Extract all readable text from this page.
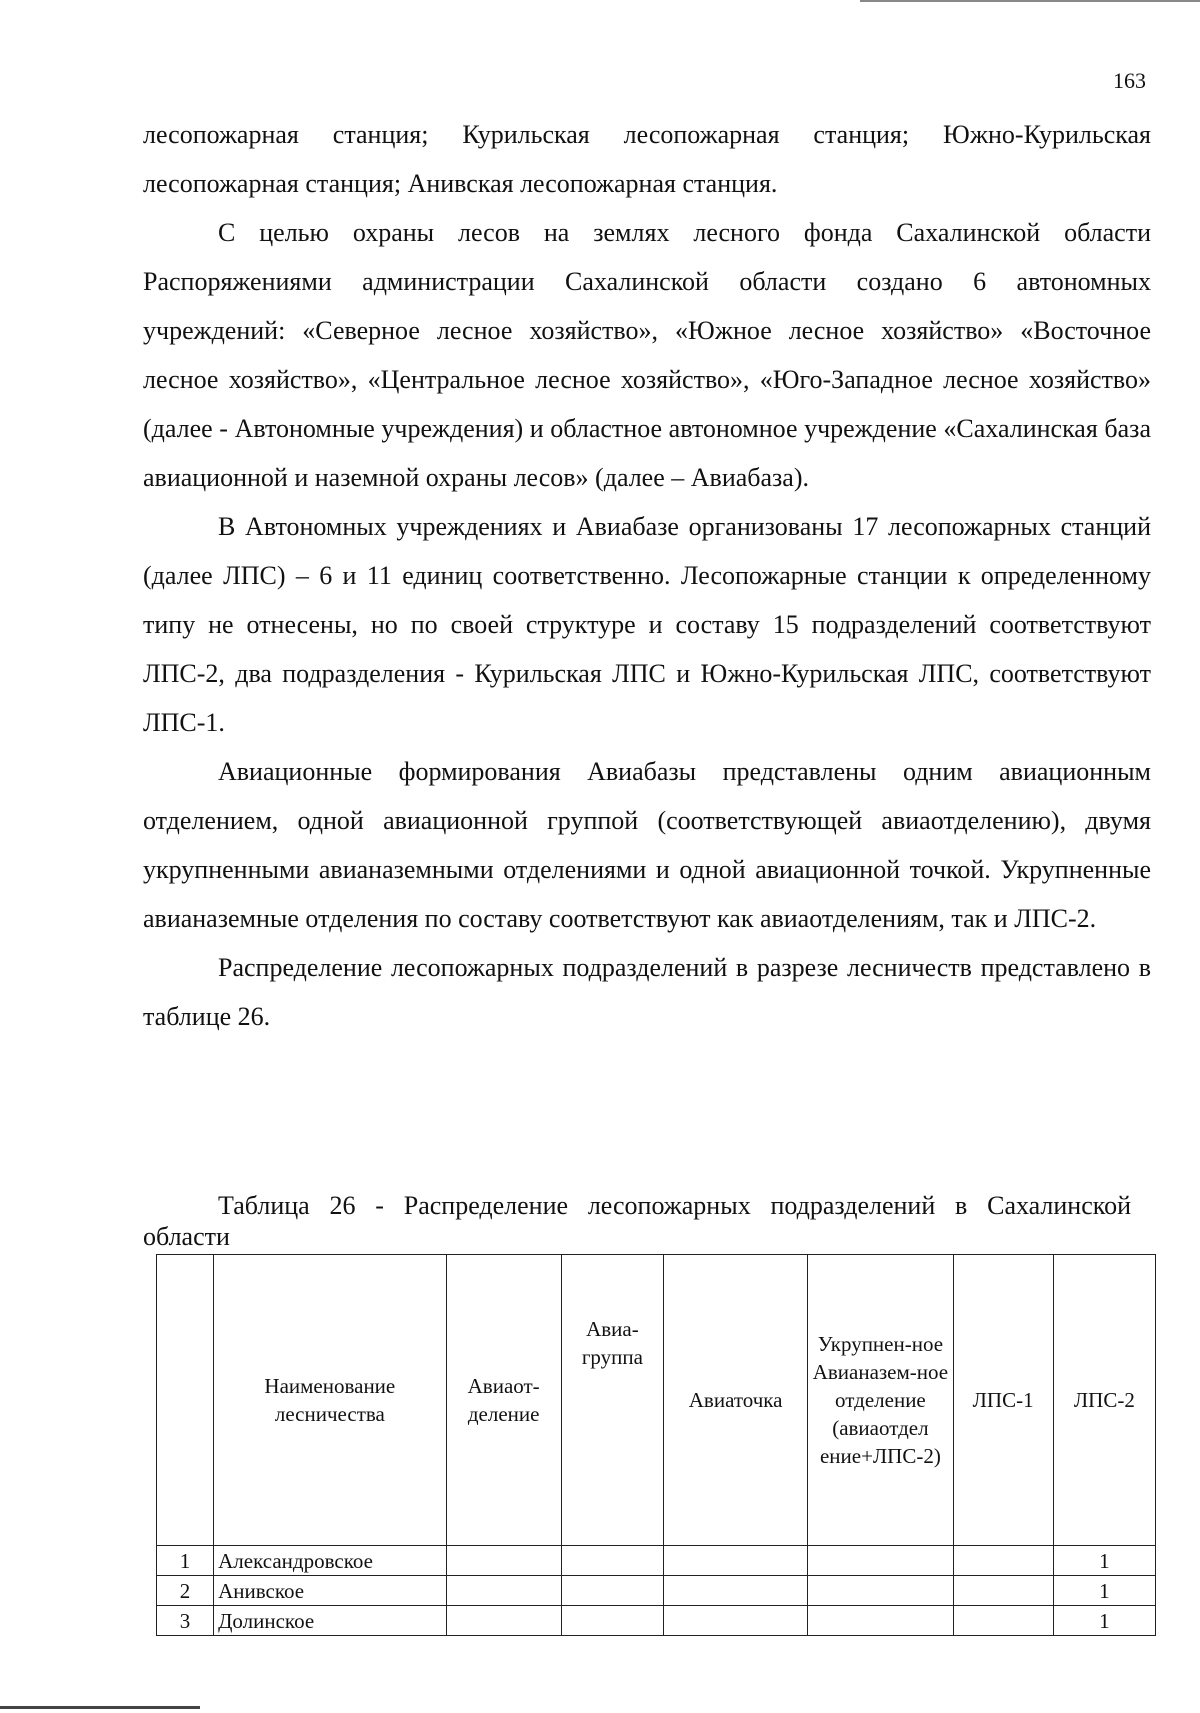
163

лесопожарная станция; Курильская лесопожарная станция; Южно-Курильская лесопожарная станция; Анивская лесопожарная станция.

С целью охраны лесов на землях лесного фонда Сахалинской области Распоряжениями администрации Сахалинской области создано 6 автономных учреждений: «Северное лесное хозяйство», «Южное лесное хозяйство» «Восточное лесное хозяйство», «Центральное лесное хозяйство», «Юго-Западное лесное хозяйство» (далее - Автономные учреждения) и областное автономное учреждение «Сахалинская база авиационной и наземной охраны лесов» (далее – Авиабаза).

В Автономных учреждениях и Авиабазе организованы 17 лесопожарных станций (далее ЛПС) – 6 и 11 единиц соответственно. Лесопожарные станции к определенному типу не отнесены, но по своей структуре и составу 15 подразделений соответствуют ЛПС-2, два подразделения - Курильская ЛПС и Южно-Курильская ЛПС, соответствуют ЛПС-1.

Авиационные формирования Авиабазы представлены одним авиационным отделением, одной авиационной группой (соответствующей авиаотделению), двумя укрупненными авианаземными отделениями и одной авиационной точкой. Укрупненные авианаземные отделения по составу соответствуют как авиаотделениям, так и ЛПС-2.

Распределение лесопожарных подразделений в разрезе лесничеств представлено в таблице 26.

Таблица 26 - Распределение лесопожарных подразделений в Сахалинской области

	Наименование лесничества	Авиаот-деление	Авиа-группа	Авиаточка	Укрупнен-ное Авианазем-ное отделение (авиаотдел ение+ЛПС-2)	ЛПС-1	ЛПС-2
1	Александровское						1
2	Анивское						1
3	Долинское						1
